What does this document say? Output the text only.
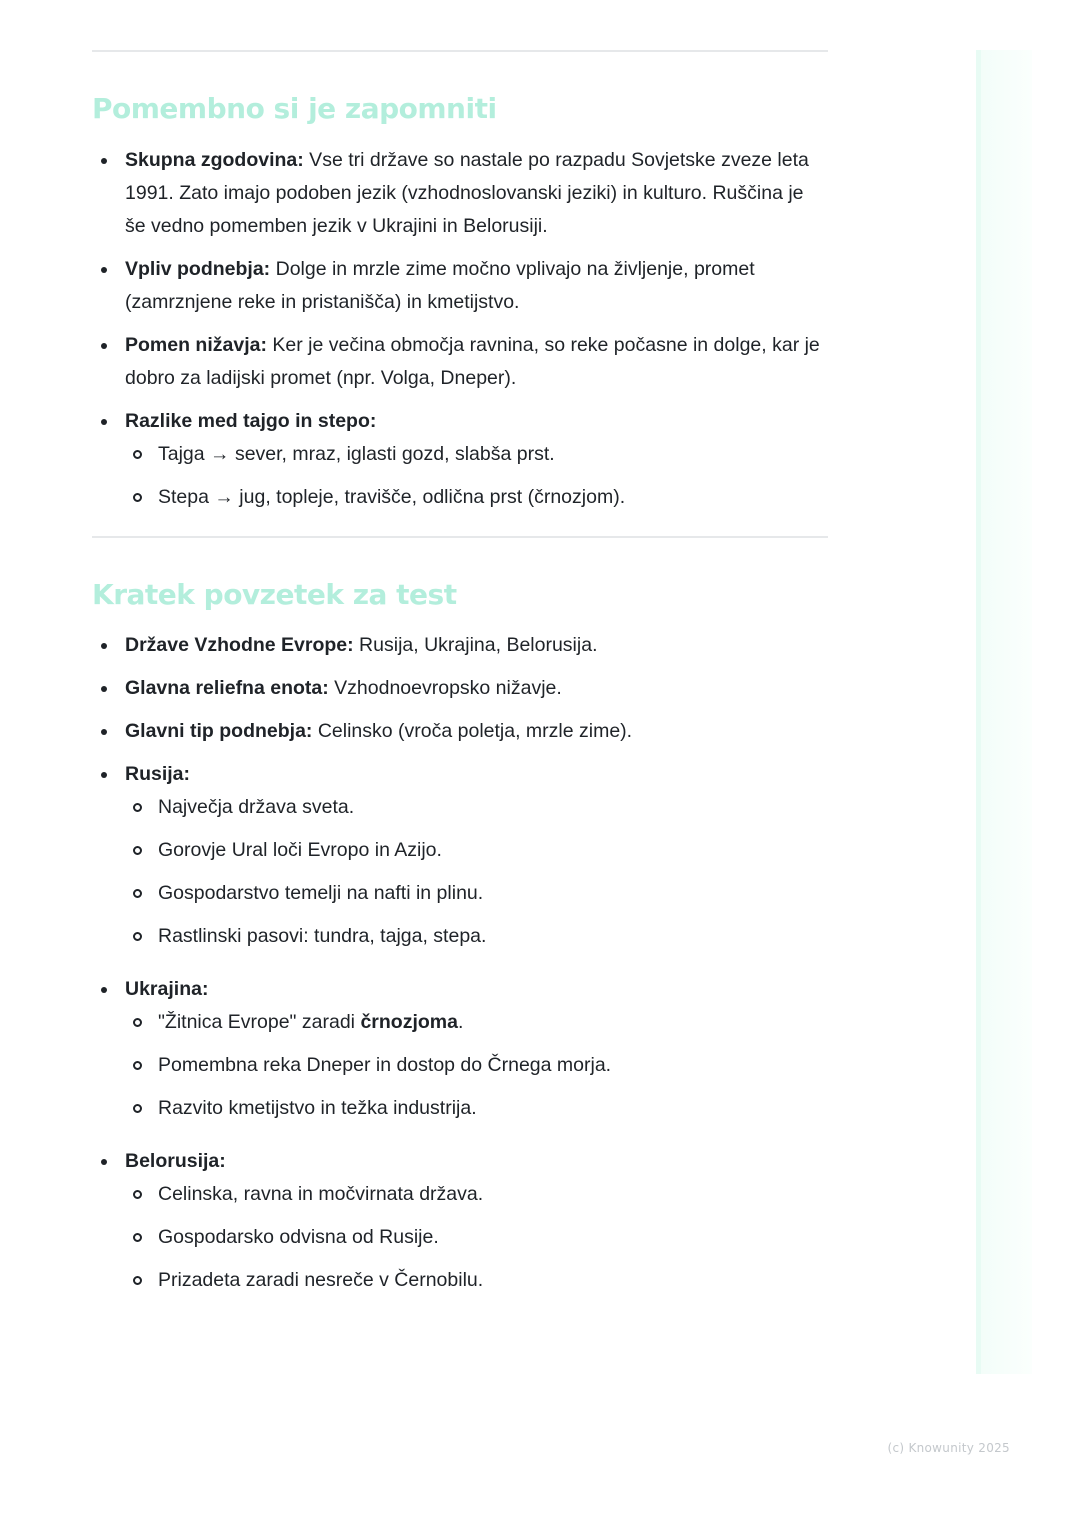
Pomembno si je zapomniti
Skupna zgodovina: Vse tri države so nastale po razpadu Sovjetske zveze leta 1991. Zato imajo podoben jezik (vzhodnoslovanski jeziki) in kulturo. Ruščina je še vedno pomemben jezik v Ukrajini in Belorusiji.
Vpliv podnebja: Dolge in mrzle zime močno vplivajo na življenje, promet (zamrznjene reke in pristanišča) in kmetijstvo.
Pomen nižavja: Ker je večina območja ravnina, so reke počasne in dolge, kar je dobro za ladijski promet (npr. Volga, Dneper).
Razlike med tajgo in stepo:
Tajga → sever, mraz, iglasti gozd, slabša prst.
Stepa → jug, topleje, travišče, odlična prst (črnozjom).
Kratek povzetek za test
Države Vzhodne Evrope: Rusija, Ukrajina, Belorusija.
Glavna reliefna enota: Vzhodnoevropsko nižavje.
Glavni tip podnebja: Celinsko (vroča poletja, mrzle zime).
Rusija:
Največja država sveta.
Gorovje Ural loči Evropo in Azijo.
Gospodarstvo temelji na nafti in plinu.
Rastlinski pasovi: tundra, tajga, stepa.
Ukrajina:
"Žitnica Evrope" zaradi črnozjoma.
Pomembna reka Dneper in dostop do Črnega morja.
Razvito kmetijstvo in težka industrija.
Belorusija:
Celinska, ravna in močvirnata država.
Gospodarsko odvisna od Rusije.
Prizadeta zaradi nesreče v Černobilu.
(c) Knowunity 2025
